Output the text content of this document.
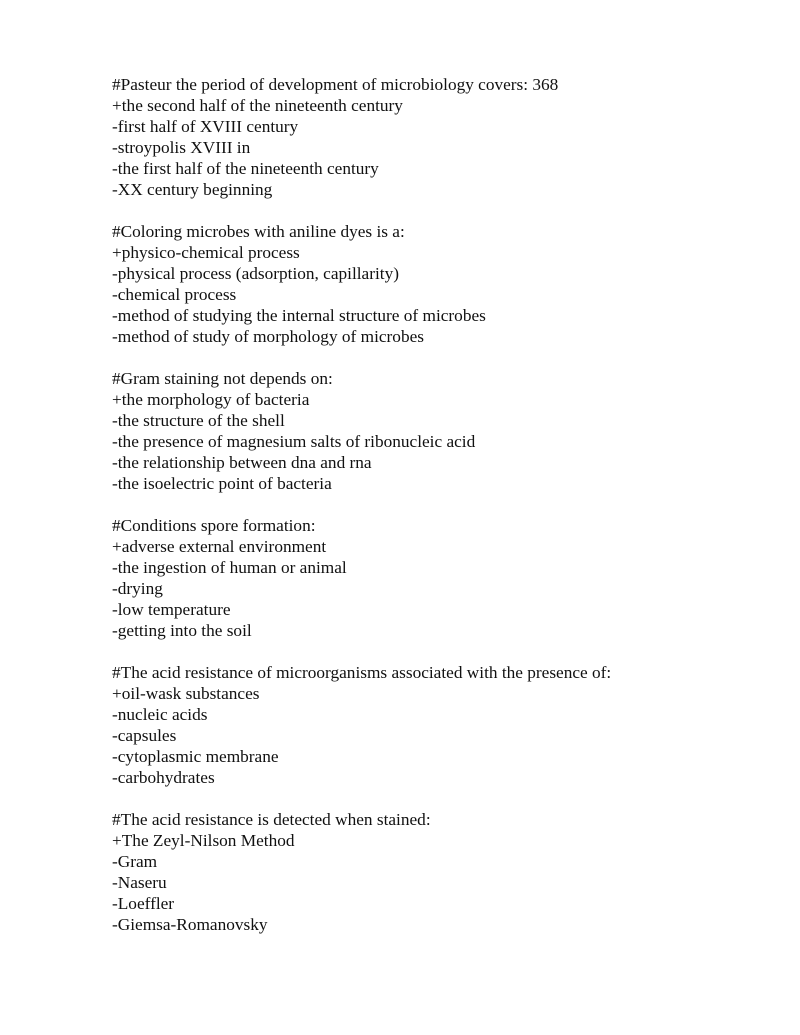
#Pasteur the period of development of microbiology covers: 368
+the second half of the nineteenth century
-first half of XVIII century
-stroypolis XVIII in
-the first half of the nineteenth century
-XX century beginning
#Coloring microbes with aniline dyes is a:
+physico-chemical process
-physical process (adsorption, capillarity)
-chemical process
-method of studying the internal structure of microbes
-method of study of morphology of microbes
#Gram staining not depends on:
+the morphology of bacteria
-the structure of the shell
-the presence of magnesium salts of ribonucleic acid
-the relationship between dna and rna
-the isoelectric point of bacteria
#Conditions spore formation:
+adverse external environment
-the ingestion of human or animal
-drying
-low temperature
-getting into the soil
#The acid resistance of microorganisms associated with the presence of:
+oil-wask substances
-nucleic acids
-capsules
-cytoplasmic membrane
-carbohydrates
#The acid resistance is detected when stained:
+The Zeyl-Nilson Method
-Gram
-Naseru
-Loeffler
-Giemsa-Romanovsky
